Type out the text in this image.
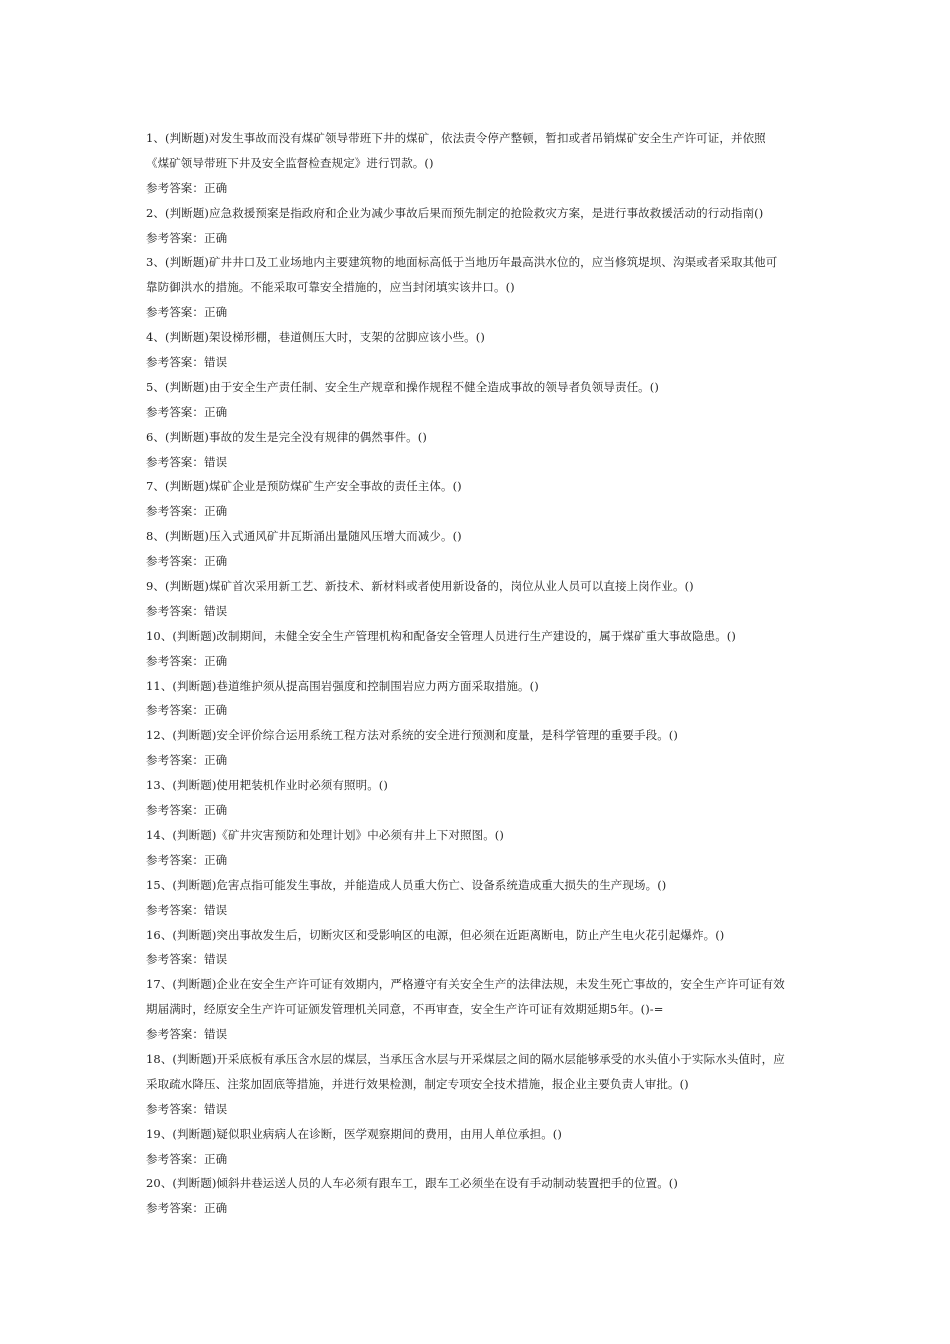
1、(判断题)对发生事故而没有煤矿领导带班下井的煤矿，依法责令停产整顿，暂扣或者吊销煤矿安全生产许可证，并依照
《煤矿领导带班下井及安全监督检查规定》进行罚款。()
参考答案：正确
2、(判断题)应急救援预案是指政府和企业为减少事故后果而预先制定的抢险救灾方案，是进行事故救援活动的行动指南()
参考答案：正确
3、(判断题)矿井井口及工业场地内主要建筑物的地面标高低于当地历年最高洪水位的，应当修筑堤坝、沟渠或者采取其他可
靠防御洪水的措施。不能采取可靠安全措施的，应当封闭填实该井口。()
参考答案：正确
4、(判断题)架设梯形棚，巷道侧压大时，支架的岔脚应该小些。()
参考答案：错误
5、(判断题)由于安全生产责任制、安全生产规章和操作规程不健全造成事故的领导者负领导责任。()
参考答案：正确
6、(判断题)事故的发生是完全没有规律的偶然事件。()
参考答案：错误
7、(判断题)煤矿企业是预防煤矿生产安全事故的责任主体。()
参考答案：正确
8、(判断题)压入式通风矿井瓦斯涌出量随风压增大而减少。()
参考答案：正确
9、(判断题)煤矿首次采用新工艺、新技术、新材料或者使用新设备的，岗位从业人员可以直接上岗作业。()
参考答案：错误
10、(判断题)改制期间，未健全安全生产管理机构和配备安全管理人员进行生产建设的，属于煤矿重大事故隐患。()
参考答案：正确
11、(判断题)巷道维护须从提高围岩强度和控制围岩应力两方面采取措施。()
参考答案：正确
12、(判断题)安全评价综合运用系统工程方法对系统的安全进行预测和度量，是科学管理的重要手段。()
参考答案：正确
13、(判断题)使用耙装机作业时必须有照明。()
参考答案：正确
14、(判断题)《矿井灾害预防和处理计划》中必须有井上下对照图。()
参考答案：正确
15、(判断题)危害点指可能发生事故，并能造成人员重大伤亡、设备系统造成重大损失的生产现场。()
参考答案：错误
16、(判断题)突出事故发生后，切断灾区和受影响区的电源，但必须在近距离断电，防止产生电火花引起爆炸。()
参考答案：错误
17、(判断题)企业在安全生产许可证有效期内，严格遵守有关安全生产的法律法规，未发生死亡事故的，安全生产许可证有效
期届满时，经原安全生产许可证颁发管理机关同意，不再审查，安全生产许可证有效期延期5年。()-=
参考答案：错误
18、(判断题)开采底板有承压含水层的煤层，当承压含水层与开采煤层之间的隔水层能够承受的水头值小于实际水头值时，应
采取疏水降压、注浆加固底等措施，并进行效果检测，制定专项安全技术措施，报企业主要负责人审批。()
参考答案：错误
19、(判断题)疑似职业病病人在诊断，医学观察期间的费用，由用人单位承担。()
参考答案：正确
20、(判断题)倾斜井巷运送人员的人车必须有跟车工，跟车工必须坐在设有手动制动装置把手的位置。()
参考答案：正确
